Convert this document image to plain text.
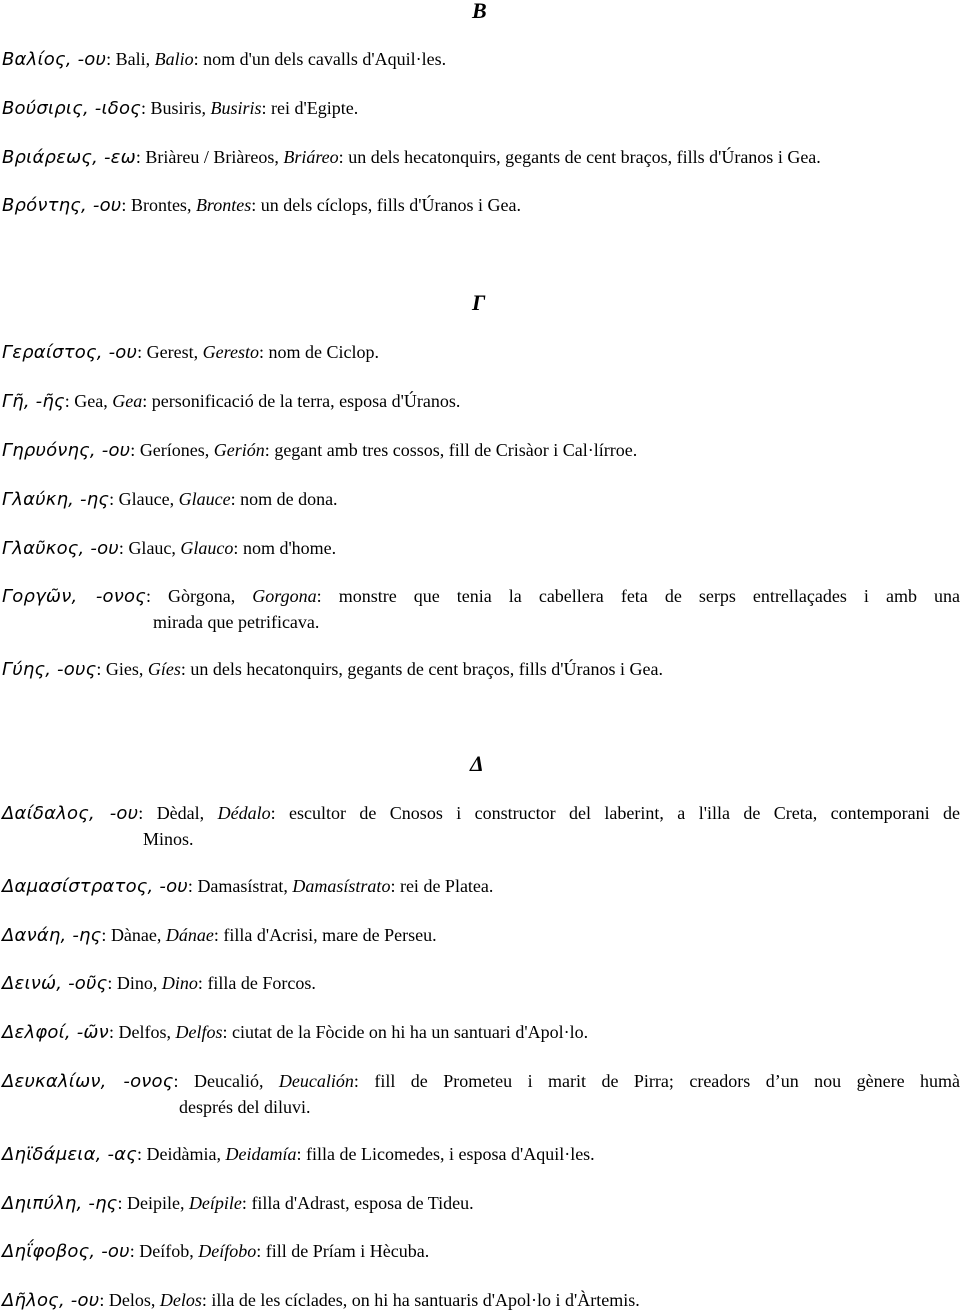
Β
Βαλίος, -ου: Bali, Balio: nom d'un dels cavalls d'Aquil·les.
Βούσιρις, -ιδος: Busiris, Busiris: rei d'Egipte.
Βριάρεως, -εω: Briàreu / Briàreos, Briáreo: un dels hecatonquirs, gegants de cent braços, fills d'Úranos i Gea.
Βρόντης, -ου: Brontes, Brontes: un dels cíclops, fills d'Úranos i Gea.
Γ
Γεραίστος, -ου: Gerest, Geresto: nom de Ciclop.
Γῆ, -ῆς: Gea, Gea: personificació de la terra, esposa d'Úranos.
Γηρυόνης, -ου: Geríones, Gerión: gegant amb tres cossos, fill de Crisàor i Cal·lírroe.
Γλαύκη, -ης: Glauce, Glauce: nom de dona.
Γλαῦκος, -ου: Glauc, Glauco: nom d'home.
Γοργῶν, -ονος: Gòrgona, Gorgona: monstre que tenia la cabellera feta de serps entrellaçades i amb una
mirada que petrificava.
Γύης, -ους: Gies, Gíes: un dels hecatonquirs, gegants de cent braços, fills d'Úranos i Gea.
Δ
Δαίδαλος, -ου: Dèdal, Dédalo: escultor de Cnosos i constructor del laberint, a l'illa de Creta, contemporani de
Minos.
Δαμασίστρατος, -ου: Damasístrat, Damasístrato: rei de Platea.
Δανάη, -ης: Dànae, Dánae: filla d'Acrisi, mare de Perseu.
Δεινώ, -οῦς: Dino, Dino: filla de Forcos.
Δελφοί, -ῶν: Delfos, Delfos: ciutat de la Fòcide on hi ha un santuari d'Apol·lo.
Δευκαλίων, -ονος: Deucalió, Deucalión: fill de Prometeu i marit de Pirra; creadors d’un nou gènere humà
després del diluvi.
Δηϊδάμεια, -ας: Deidàmia, Deidamía: filla de Licomedes, i esposa d'Aquil·les.
Δηιπύλη, -ης: Deipile, Deípile: filla d'Adrast, esposa de Tideu.
Δηΐφοβος, -ου: Deífob, Deífobo: fill de Príam i Hècuba.
Δῆλος, -ου: Delos, Delos: illa de les cíclades, on hi ha santuaris d'Apol·lo i d'Àrtemis.
